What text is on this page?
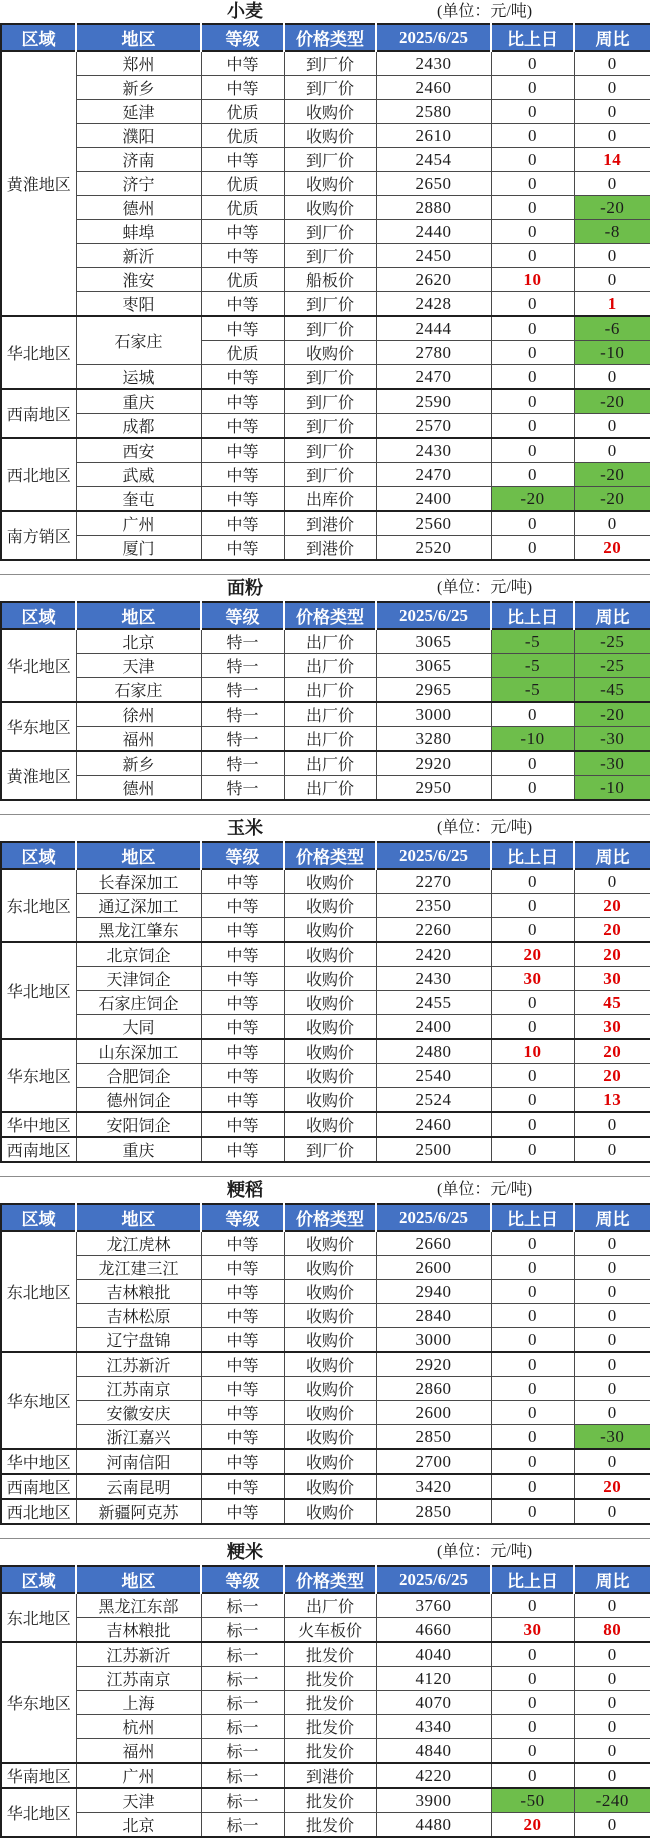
小麦	(单位：元/吨)
区域	地区	等级	价格类型	2025/6/25	比上日	周比
黄淮地区	郑州	中等	到厂价	2430	0	0
	新乡	中等	到厂价	2460	0	0
	延津	优质	收购价	2580	0	0
	濮阳	优质	收购价	2610	0	0
	济南	中等	到厂价	2454	0	14
	济宁	优质	收购价	2650	0	0
	德州	优质	收购价	2880	0	-20
	蚌埠	中等	到厂价	2440	0	-8
	新沂	中等	到厂价	2450	0	0
	淮安	优质	船板价	2620	10	0
	枣阳	中等	到厂价	2428	0	1
华北地区	石家庄	中等	到厂价	2444	0	-6
		优质	收购价	2780	0	-10
	运城	中等	到厂价	2470	0	0
西南地区	重庆	中等	到厂价	2590	0	-20
	成都	中等	到厂价	2570	0	0
西北地区	西安	中等	到厂价	2430	0	0
	武威	中等	到厂价	2470	0	-20
	奎屯	中等	出库价	2400	-20	-20
南方销区	广州	中等	到港价	2560	0	0
	厦门	中等	到港价	2520	0	20
面粉	(单位：元/吨)
区域	地区	等级	价格类型	2025/6/25	比上日	周比
华北地区	北京	特一	出厂价	3065	-5	-25
	天津	特一	出厂价	3065	-5	-25
	石家庄	特一	出厂价	2965	-5	-45
华东地区	徐州	特一	出厂价	3000	0	-20
	福州	特一	出厂价	3280	-10	-30
黄淮地区	新乡	特一	出厂价	2920	0	-30
	德州	特一	出厂价	2950	0	-10
玉米	(单位：元/吨)
区域	地区	等级	价格类型	2025/6/25	比上日	周比
东北地区	长春深加工	中等	收购价	2270	0	0
	通辽深加工	中等	收购价	2350	0	20
	黑龙江肇东	中等	收购价	2260	0	20
华北地区	北京饲企	中等	收购价	2420	20	20
	天津饲企	中等	收购价	2430	30	30
	石家庄饲企	中等	收购价	2455	0	45
	大同	中等	收购价	2400	0	30
华东地区	山东深加工	中等	收购价	2480	10	20
	合肥饲企	中等	收购价	2540	0	20
	德州饲企	中等	收购价	2524	0	13
华中地区	安阳饲企	中等	收购价	2460	0	0
西南地区	重庆	中等	到厂价	2500	0	0
粳稻	(单位：元/吨)
区域	地区	等级	价格类型	2025/6/25	比上日	周比
东北地区	龙江虎林	中等	收购价	2660	0	0
	龙江建三江	中等	收购价	2600	0	0
	吉林粮批	中等	收购价	2940	0	0
	吉林松原	中等	收购价	2840	0	0
	辽宁盘锦	中等	收购价	3000	0	0
华东地区	江苏新沂	中等	收购价	2920	0	0
	江苏南京	中等	收购价	2860	0	0
	安徽安庆	中等	收购价	2600	0	0
	浙江嘉兴	中等	收购价	2850	0	-30
华中地区	河南信阳	中等	收购价	2700	0	0
西南地区	云南昆明	中等	收购价	3420	0	20
西北地区	新疆阿克苏	中等	收购价	2850	0	0
粳米	(单位：元/吨)
区域	地区	等级	价格类型	2025/6/25	比上日	周比
东北地区	黑龙江东部	标一	出厂价	3760	0	0
	吉林粮批	标一	火车板价	4660	30	80
华东地区	江苏新沂	标一	批发价	4040	0	0
	江苏南京	标一	批发价	4120	0	0
	上海	标一	批发价	4070	0	0
	杭州	标一	批发价	4340	0	0
	福州	标一	批发价	4840	0	0
华南地区	广州	标一	到港价	4220	0	0
华北地区	天津	标一	批发价	3900	-50	-240
	北京	标一	批发价	4480	20	0
